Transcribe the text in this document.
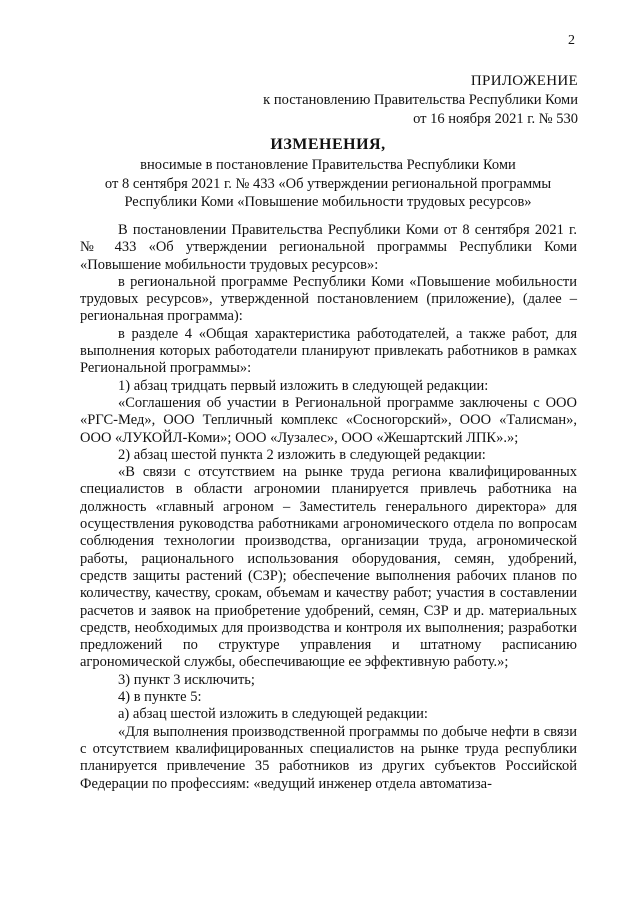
2
ПРИЛОЖЕНИЕ
к постановлению Правительства Республики Коми
от 16 ноября 2021 г. № 530
ИЗМЕНЕНИЯ,
вносимые в постановление Правительства Республики Коми
от 8 сентября 2021 г. № 433 «Об утверждении региональной программы
Республики Коми «Повышение мобильности трудовых ресурсов»

В постановлении Правительства Республики Коми от 8 сентября 2021 г. № 433 «Об утверждении региональной программы Республики Коми «Повышение мобильности трудовых ресурсов»:

в региональной программе Республики Коми «Повышение мобильности трудовых ресурсов», утвержденной постановлением (приложение), (далее – региональная программа):

в разделе 4 «Общая характеристика работодателей, а также работ, для выполнения которых работодатели планируют привлекать работников в рамках Региональной программы»:

1) абзац тридцать первый изложить в следующей редакции:

«Соглашения об участии в Региональной программе заключены с ООО «РГС-Мед», ООО Тепличный комплекс «Сосногорский», ООО «Талисман», ООО «ЛУКОЙЛ-Коми»; ООО «Лузалес», ООО «Жешартский ЛПК».»;

2) абзац шестой пункта 2 изложить в следующей редакции:

«В связи с отсутствием на рынке труда региона квалифицированных специалистов в области агрономии планируется привлечь работника на должность «главный агроном – Заместитель генерального директора» для осуществления руководства работниками агрономического отдела по вопросам соблюдения технологии производства, организации труда, агрономической работы, рационального использования оборудования, семян, удобрений, средств защиты растений (СЗР); обеспечение выполнения рабочих планов по количеству, качеству, срокам, объемам и качеству работ; участия в составлении расчетов и заявок на приобретение удобрений, семян, СЗР и др. материальных средств, необходимых для производства и контроля их выполнения; разработки предложений по структуре управления и штатному расписанию агрономической службы, обеспечивающие ее эффективную работу.»;

3) пункт 3 исключить;

4) в пункте 5:

а) абзац шестой изложить в следующей редакции:

«Для выполнения производственной программы по добыче нефти в связи с отсутствием квалифицированных специалистов на рынке труда республики планируется привлечение 35 работников из других субъектов Российской Федерации по профессиям: «ведущий инженер отдела автоматиза-
